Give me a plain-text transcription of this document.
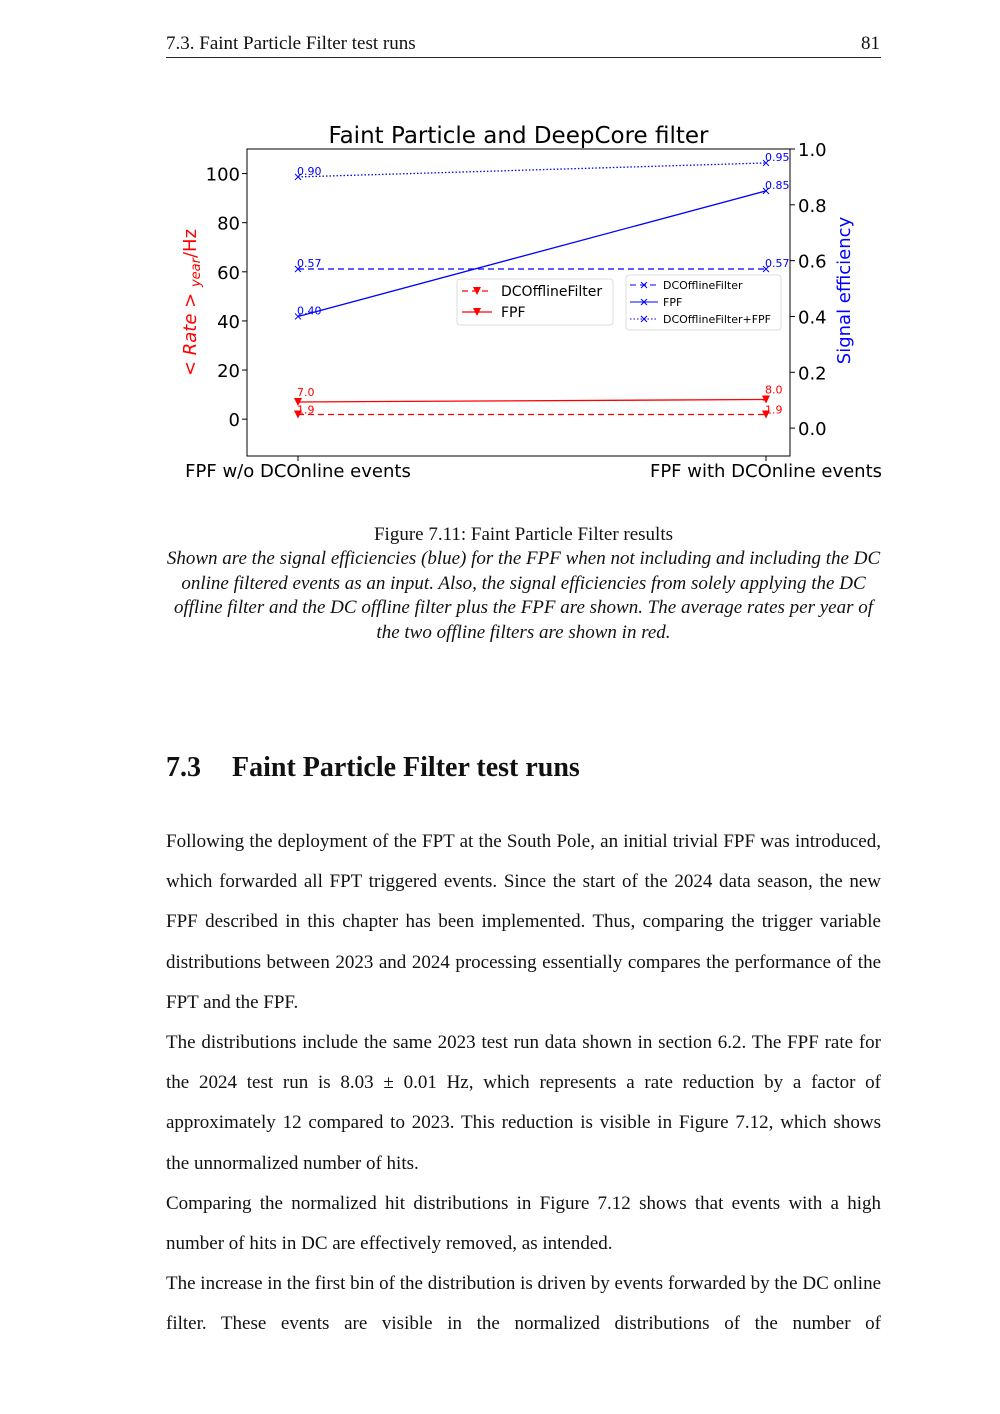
7.3. Faint Particle Filter test runs	81
Faint Particle and DeepCore filter
0
20
40
60
80
100
0.0
0.2
0.4
0.6
0.8
1.0
FPF w/o DCOnline events	FPF with DCOnline events
< Rate > $_{year}$/Hz	Signal efficiency
1.9	1.9
7.0	8.0
0.57	0.57
0.40
0.85
0.90
0.95
DCOfflineFilter
FPF
DCOfflineFilter
FPF
DCOfflineFilter+FPF
Figure 7.11: Faint Particle Filter results
Shown are the signal efficiencies (blue) for the FPF when not including and including the DC online filtered events as an input. Also, the signal efficiencies from solely applying the DC offline filter and the DC offline filter plus the FPF are shown. The average rates per year of the two offline filters are shown in red.
7.3 Faint Particle Filter test runs

Following the deployment of the FPT at the South Pole, an initial trivial FPF was introduced, which forwarded all FPT triggered events. Since the start of the 2024 data season, the new FPF described in this chapter has been implemented. Thus, comparing the trigger variable distributions between 2023 and 2024 processing essentially compares the performance of the FPT and the FPF.

The distributions include the same 2023 test run data shown in section 6.2. The FPF rate for the 2024 test run is 8.03 ± 0.01 Hz, which represents a rate reduction by a factor of approximately 12 compared to 2023. This reduction is visible in Figure 7.12, which shows the unnormalized number of hits.

Comparing the normalized hit distributions in Figure 7.12 shows that events with a high number of hits in DC are effectively removed, as intended.

The increase in the first bin of the distribution is driven by events forwarded by the DC online filter. These events are visible in the normalized distributions of the number of
